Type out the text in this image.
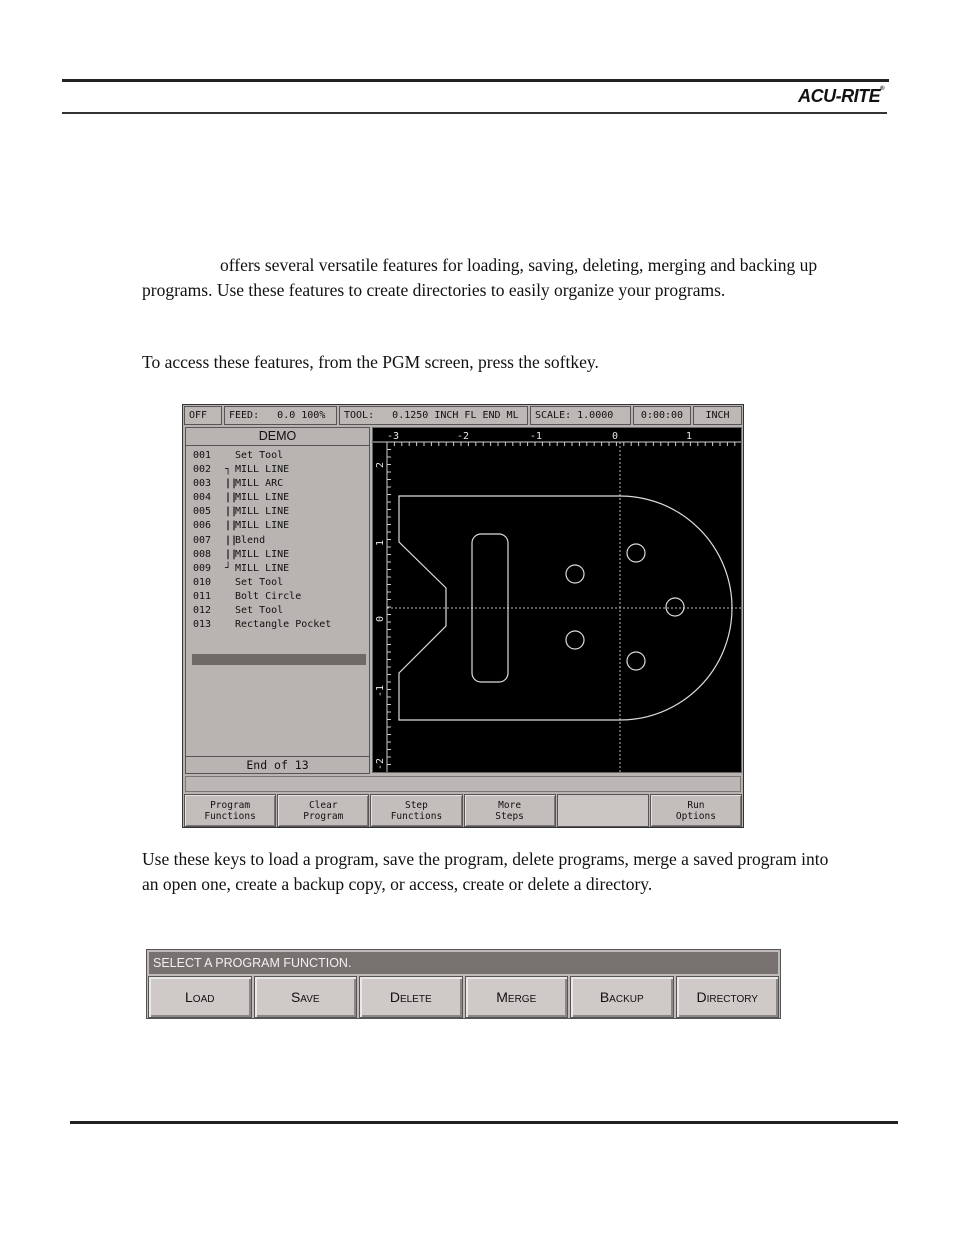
ACU-RITE®

offers several versatile features for loading, saving, deleting, merging and backing up programs. Use these features to create directories to easily organize your programs.

To access these features, from the PGM screen, press the softkey.

OFF	FEED: 0.0 100%	TOOL: 0.1250 INCH FL END ML	SCALE: 1.0000	0:00:00	INCH
DEMO
001 Set Tool
002 ┐ MILL LINE
003 ||MILL ARC
004 ||MILL LINE
005 ||MILL LINE
006 ||MILL LINE
007 ||Blend
008 ||MILL LINE
009 ┘ MILL LINE
010 Set Tool
011 Bolt Circle
012 Set Tool
013 Rectangle Pocket
End of 13
-3	-2	-1	0	1
2
1
0
-1
-2
Program
Functions
Clear
Program
Step
Functions
More
Steps
Run
Options

Use these keys to load a program, save the program, delete programs, merge a saved program into an open one, create a backup copy, or access, create or delete a directory.

SELECT A PROGRAM FUNCTION.
Load	Save	Delete	Merge	Backup	Directory
